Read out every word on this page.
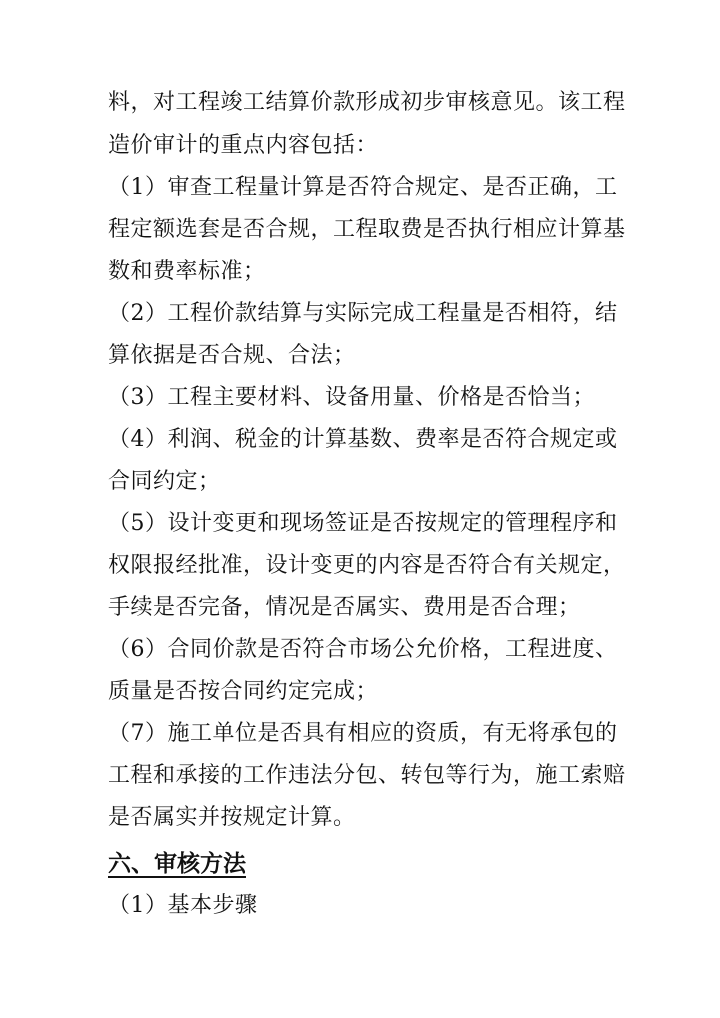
料，对工程竣工结算价款形成初步审核意见。该工程
造价审计的重点内容包括：
（1）审查工程量计算是否符合规定、是否正确，工
程定额选套是否合规，工程取费是否执行相应计算基
数和费率标准；
（2）工程价款结算与实际完成工程量是否相符，结
算依据是否合规、合法；
（3）工程主要材料、设备用量、价格是否恰当；
（4）利润、税金的计算基数、费率是否符合规定或
合同约定；
（5）设计变更和现场签证是否按规定的管理程序和
权限报经批准，设计变更的内容是否符合有关规定，
手续是否完备，情况是否属实、费用是否合理；
（6）合同价款是否符合市场公允价格，工程进度、
质量是否按合同约定完成；
（7）施工单位是否具有相应的资质，有无将承包的
工程和承接的工作违法分包、转包等行为，施工索赔
是否属实并按规定计算。
六、审核方法
（1）基本步骤
